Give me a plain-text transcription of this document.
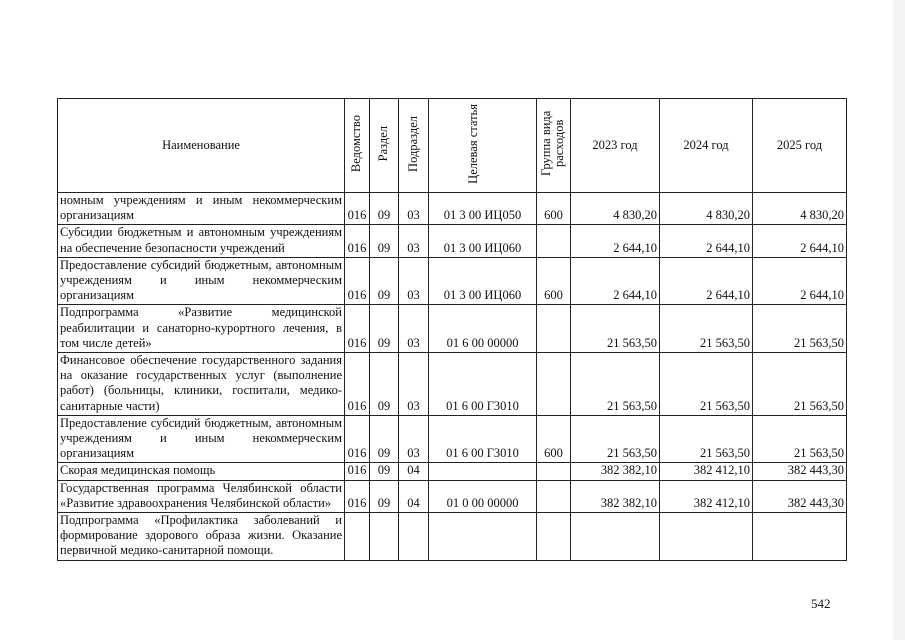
Наименование	Ведомство	Раздел	Подраздел	Целевая статья	Группа вида расходов	2023 год	2024 год	2025 год
номным учреждениям и иным некоммерческим организациям	016	09	03	01 3 00 ИЦ050	600	4 830,20	4 830,20	4 830,20
Субсидии бюджетным и автономным учреждениям на обеспечение безопасности учреждений	016	09	03	01 3 00 ИЦ060		2 644,10	2 644,10	2 644,10
Предоставление субсидий бюджетным, автономным учреждениям и иным некоммерческим организациям	016	09	03	01 3 00 ИЦ060	600	2 644,10	2 644,10	2 644,10
Подпрограмма «Развитие медицинской реабилитации и санаторно-курортного лечения, в том числе детей»	016	09	03	01 6 00 00000		21 563,50	21 563,50	21 563,50
Финансовое обеспечение государственного задания на оказание государственных услуг (выполнение работ) (больницы, клиники, госпитали, медико-санитарные части)	016	09	03	01 6 00 Г3010		21 563,50	21 563,50	21 563,50
Предоставление субсидий бюджетным, автономным учреждениям и иным некоммерческим организациям	016	09	03	01 6 00 Г3010	600	21 563,50	21 563,50	21 563,50
Скорая медицинская помощь	016	09	04			382 382,10	382 412,10	382 443,30
Государственная программа Челябинской области «Развитие здравоохранения Челябинской области»	016	09	04	01 0 00 00000		382 382,10	382 412,10	382 443,30
Подпрограмма «Профилактика заболеваний и формирование здорового образа жизни. Оказание первичной медико-санитарной помощи.								
542
